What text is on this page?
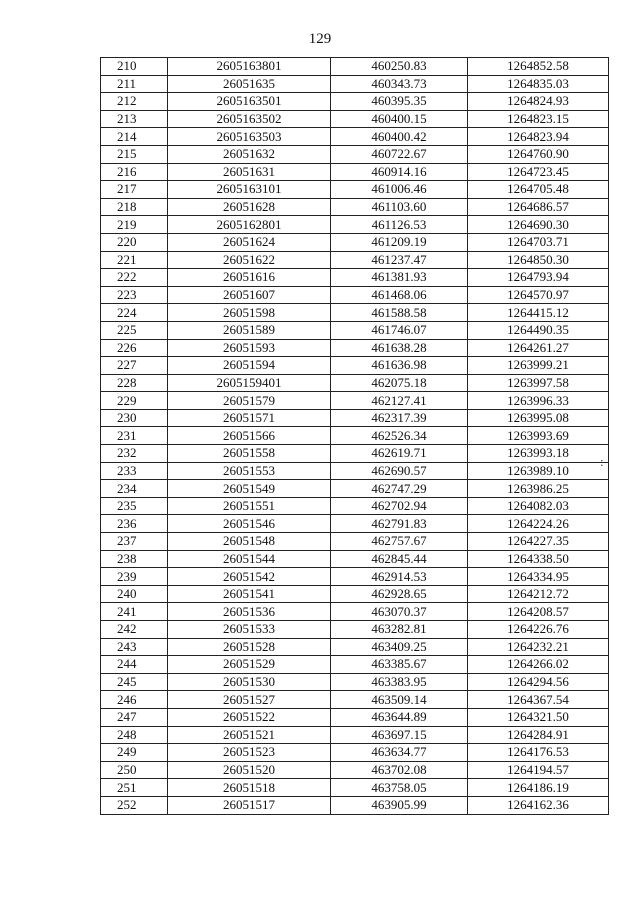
129
210	2605163801	460250.83	1264852.58
211	26051635	460343.73	1264835.03
212	2605163501	460395.35	1264824.93
213	2605163502	460400.15	1264823.15
214	2605163503	460400.42	1264823.94
215	26051632	460722.67	1264760.90
216	26051631	460914.16	1264723.45
217	2605163101	461006.46	1264705.48
218	26051628	461103.60	1264686.57
219	2605162801	461126.53	1264690.30
220	26051624	461209.19	1264703.71
221	26051622	461237.47	1264850.30
222	26051616	461381.93	1264793.94
223	26051607	461468.06	1264570.97
224	26051598	461588.58	1264415.12
225	26051589	461746.07	1264490.35
226	26051593	461638.28	1264261.27
227	26051594	461636.98	1263999.21
228	2605159401	462075.18	1263997.58
229	26051579	462127.41	1263996.33
230	26051571	462317.39	1263995.08
231	26051566	462526.34	1263993.69
232	26051558	462619.71	1263993.18
233	26051553	462690.57	1263989.10
234	26051549	462747.29	1263986.25
235	26051551	462702.94	1264082.03
236	26051546	462791.83	1264224.26
237	26051548	462757.67	1264227.35
238	26051544	462845.44	1264338.50
239	26051542	462914.53	1264334.95
240	26051541	462928.65	1264212.72
241	26051536	463070.37	1264208.57
242	26051533	463282.81	1264226.76
243	26051528	463409.25	1264232.21
244	26051529	463385.67	1264266.02
245	26051530	463383.95	1264294.56
246	26051527	463509.14	1264367.54
247	26051522	463644.89	1264321.50
248	26051521	463697.15	1264284.91
249	26051523	463634.77	1264176.53
250	26051520	463702.08	1264194.57
251	26051518	463758.05	1264186.19
252	26051517	463905.99	1264162.36
:
